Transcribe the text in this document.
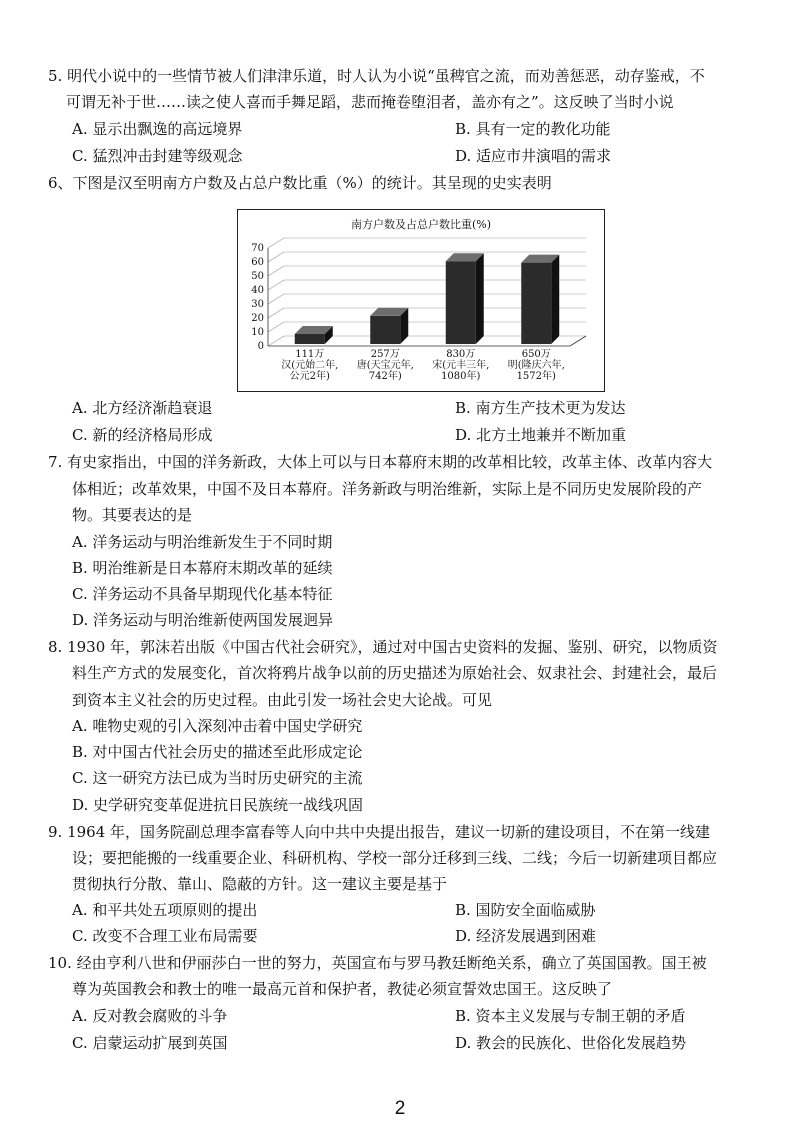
5. 明代小说中的一些情节被人们津津乐道，时人认为小说“虽稗官之流，而劝善惩恶，动存鉴戒，不
可谓无补于世……读之使人喜而手舞足蹈，悲而掩卷堕泪者，盖亦有之”。这反映了当时小说
A. 显示出飘逸的高远境界	B. 具有一定的教化功能
C. 猛烈冲击封建等级观念	D. 适应市井演唱的需求
6、下图是汉至明南方户数及占总户数比重（%）的统计。其呈现的史实表明
南方户数及占总户数比重(%)
0
10
20
30
40
50
60
70
111万
汉(元始二年,
公元2年)
257万
唐(天宝元年,
742年)
830万
宋(元丰三年,
1080年)
650万
明(隆庆六年,
1572年)
A. 北方经济渐趋衰退	B. 南方生产技术更为发达
C. 新的经济格局形成	D. 北方土地兼并不断加重
7. 有史家指出，中国的洋务新政，大体上可以与日本幕府末期的改革相比较，改革主体、改革内容大
体相近；改革效果，中国不及日本幕府。洋务新政与明治维新，实际上是不同历史发展阶段的产
物。其要表达的是
A. 洋务运动与明治维新发生于不同时期
B. 明治维新是日本幕府末期改革的延续
C. 洋务运动不具备早期现代化基本特征
D. 洋务运动与明治维新使两国发展迥异
8. 1930 年，郭沫若出版《中国古代社会研究》，通过对中国古史资料的发掘、鉴别、研究，以物质资
料生产方式的发展变化，首次将鸦片战争以前的历史描述为原始社会、奴隶社会、封建社会，最后
到资本主义社会的历史过程。由此引发一场社会史大论战。可见
A. 唯物史观的引入深刻冲击着中国史学研究
B. 对中国古代社会历史的描述至此形成定论
C. 这一研究方法已成为当时历史研究的主流
D. 史学研究变革促进抗日民族统一战线巩固
9. 1964 年，国务院副总理李富春等人向中共中央提出报告，建议一切新的建设项目，不在第一线建
设；要把能搬的一线重要企业、科研机构、学校一部分迁移到三线、二线；今后一切新建项目都应
贯彻执行分散、靠山、隐蔽的方针。这一建议主要是基于
A. 和平共处五项原则的提出	B. 国防安全面临威胁
C. 改变不合理工业布局需要	D. 经济发展遇到困难
10. 经由亨利八世和伊丽莎白一世的努力，英国宣布与罗马教廷断绝关系，确立了英国国教。国王被
尊为英国教会和教士的唯一最高元首和保护者，教徒必须宣誓效忠国王。这反映了
A. 反对教会腐败的斗争	B. 资本主义发展与专制王朝的矛盾
C. 启蒙运动扩展到英国	D. 教会的民族化、世俗化发展趋势
2
